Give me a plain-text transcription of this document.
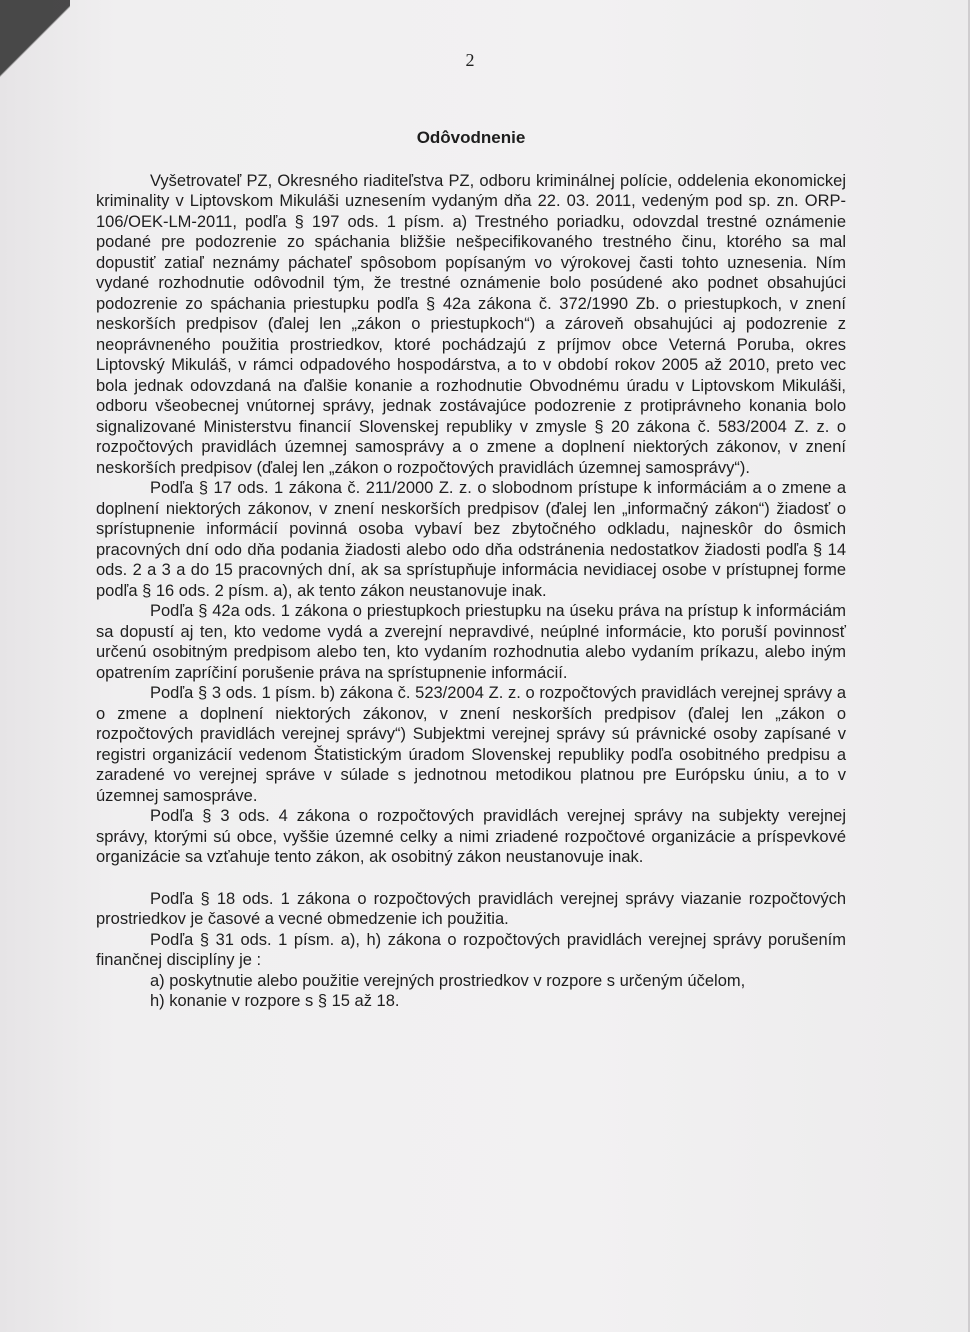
2
Odôvodnenie

Vyšetrovateľ PZ, Okresného riaditeľstva PZ, odboru kriminálnej polície, oddelenia ekonomickej kriminality v Liptovskom Mikuláši uznesením vydaným dňa 22. 03. 2011, vedeným pod sp. zn. ORP-106/OEK-LM-2011, podľa § 197 ods. 1 písm. a) Trestného poriadku, odovzdal trestné oznámenie podané pre podozrenie zo spáchania bližšie nešpecifikovaného trestného činu, ktorého sa mal dopustiť zatiaľ neznámy páchateľ spôsobom popísaným vo výrokovej časti tohto uznesenia. Ním vydané rozhodnutie odôvodnil tým, že trestné oznámenie bolo posúdené ako podnet obsahujúci podozrenie zo spáchania priestupku podľa § 42a zákona č. 372/1990 Zb. o priestupkoch, v znení neskorších predpisov (ďalej len „zákon o priestupkoch“) a zároveň obsahujúci aj podozrenie z neoprávneného použitia prostriedkov, ktoré pochádzajú z príjmov obce Veterná Poruba, okres Liptovský Mikuláš, v rámci odpadového hospodárstva, a to v období rokov 2005 až 2010, preto vec bola jednak odovzdaná na ďalšie konanie a rozhodnutie Obvodnému úradu v Liptovskom Mikuláši, odboru všeobecnej vnútornej správy, jednak zostávajúce podozrenie z protiprávneho konania bolo signalizované Ministerstvu financií Slovenskej republiky v zmysle § 20 zákona č. 583/2004 Z. z. o rozpočtových pravidlách územnej samosprávy a o zmene a doplnení niektorých zákonov, v znení neskorších predpisov (ďalej len „zákon o rozpočtových pravidlách územnej samosprávy“).

Podľa § 17 ods. 1 zákona č. 211/2000 Z. z. o slobodnom prístupe k informáciám a o zmene a doplnení niektorých zákonov, v znení neskorších predpisov (ďalej len „informačný zákon“) žiadosť o sprístupnenie informácií povinná osoba vybaví bez zbytočného odkladu, najneskôr do ôsmich pracovných dní odo dňa podania žiadosti alebo odo dňa odstránenia nedostatkov žiadosti podľa § 14 ods. 2 a 3 a do 15 pracovných dní, ak sa sprístupňuje informácia nevidiacej osobe v prístupnej forme podľa § 16 ods. 2 písm. a), ak tento zákon neustanovuje inak.

Podľa § 42a ods. 1 zákona o priestupkoch priestupku na úseku práva na prístup k informáciám sa dopustí aj ten, kto vedome vydá a zverejní nepravdivé, neúplné informácie, kto poruší povinnosť určenú osobitným predpisom alebo ten, kto vydaním rozhodnutia alebo vydaním príkazu, alebo iným opatrením zapríčiní porušenie práva na sprístupnenie informácií.

Podľa § 3 ods. 1 písm. b) zákona č. 523/2004 Z. z. o rozpočtových pravidlách verejnej správy a o zmene a doplnení niektorých zákonov, v znení neskorších predpisov (ďalej len „zákon o rozpočtových pravidlách verejnej správy“) Subjektmi verejnej správy sú právnické osoby zapísané v registri organizácií vedenom Štatistickým úradom Slovenskej republiky podľa osobitného predpisu a zaradené vo verejnej správe v súlade s jednotnou metodikou platnou pre Európsku úniu, a to v územnej samospráve.

Podľa § 3 ods. 4 zákona o rozpočtových pravidlách verejnej správy na subjekty verejnej správy, ktorými sú obce, vyššie územné celky a nimi zriadené rozpočtové organizácie a príspevkové organizácie sa vzťahuje tento zákon, ak osobitný zákon neustanovuje inak.

Podľa § 18 ods. 1 zákona o rozpočtových pravidlách verejnej správy viazanie rozpočtových prostriedkov je časové a vecné obmedzenie ich použitia.

Podľa § 31 ods. 1 písm. a), h) zákona o rozpočtových pravidlách verejnej správy porušením finančnej disciplíny je :

a) poskytnutie alebo použitie verejných prostriedkov v rozpore s určeným účelom,
h) konanie v rozpore s § 15 až 18.
